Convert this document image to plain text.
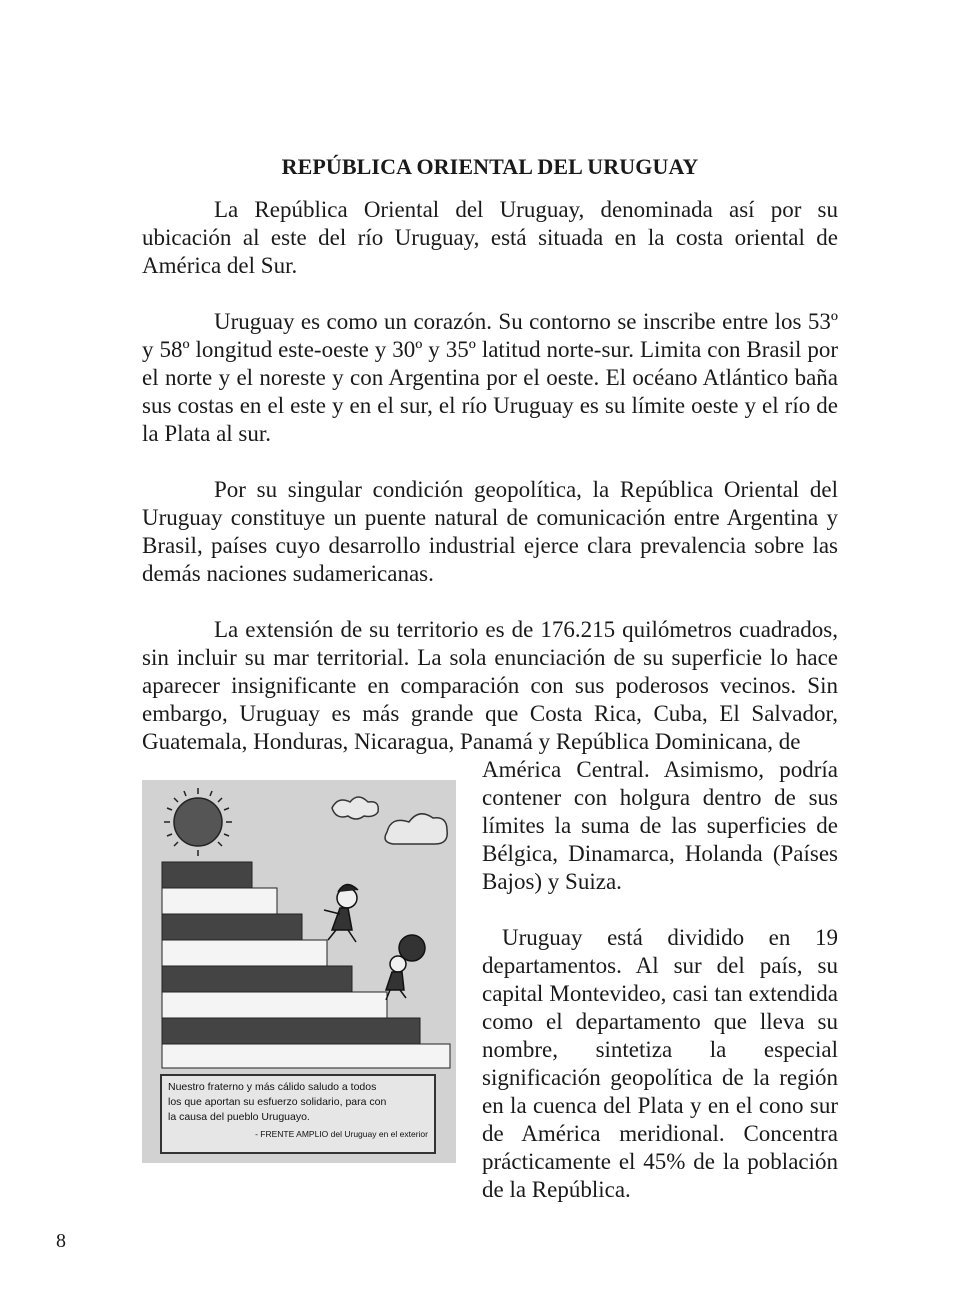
REPÚBLICA ORIENTAL DEL URUGUAY

La República Oriental del Uruguay, denominada así por su ubicación al este del río Uruguay, está situada en la costa oriental de América del Sur.

Uruguay es como un corazón. Su contorno se inscribe entre los 53º y 58º longitud este-oeste y 30º y 35º latitud norte-sur. Limita con Brasil por el norte y el noreste y con Argentina por el oeste. El océano Atlántico baña sus costas en el este y en el sur, el río Uruguay es su límite oeste y el río de la Plata al sur.

Por su singular condición geopolítica, la República Oriental del Uruguay constituye un puente natural de comunicación entre Argentina y Brasil, países cuyo desarrollo industrial ejerce clara prevalencia sobre las demás naciones sudamericanas.

La extensión de su territorio es de 176.215 quilómetros cuadrados, sin incluir su mar territorial. La sola enunciación de su superficie lo hace aparecer insignificante en comparación con sus poderosos vecinos. Sin embargo, Uruguay es más grande que Costa Rica, Cuba, El Salvador, Guatemala, Honduras, Nicaragua, Panamá y República Dominicana, de

América Central. Asimismo, podría contener con holgura dentro de sus límites la suma de las superficies de Bélgica, Dinamarca, Holanda (Países Bajos) y Suiza.

Uruguay está dividido en 19 departamentos. Al sur del país, su capital Montevideo, casi tan extendida como el departamento que lleva su nombre, sintetiza la especial significación geopolítica de la región en la cuenca del Plata y en el cono sur de América meridional. Concentra prácticamente el 45% de la población de la República.

Nuestro fraterno y más cálido saludo a todos
los que aportan su esfuerzo solidario, para con
la causa del pueblo Uruguayo.
- FRENTE AMPLIO del Uruguay en el exterior
8
